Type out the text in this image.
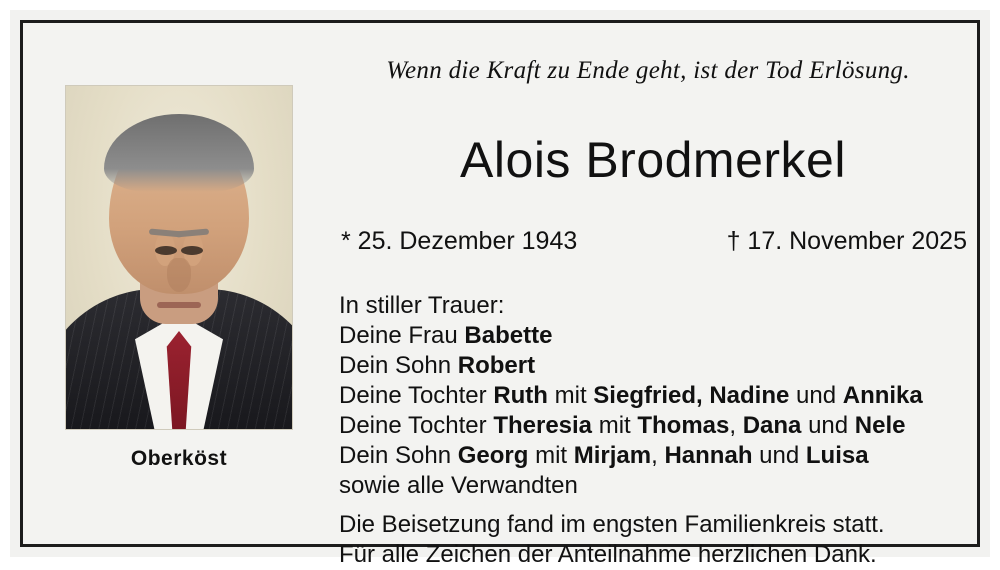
Oberköst
Wenn die Kraft zu Ende geht, ist der Tod Erlösung.
Alois Brodmerkel
* 25. Dezember 1943	† 17. November 2025
In stiller Trauer:
Deine Frau Babette
Dein Sohn Robert
Deine Tochter Ruth mit Siegfried, Nadine und Annika
Deine Tochter Theresia mit Thomas, Dana und Nele
Dein Sohn Georg mit Mirjam, Hannah und Luisa
sowie alle Verwandten
Die Beisetzung fand im engsten Familienkreis statt.
Für alle Zeichen der Anteilnahme herzlichen Dank.
